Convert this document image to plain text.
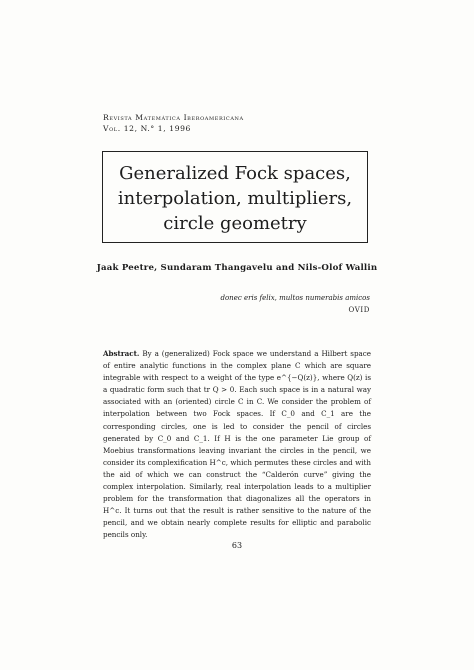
Revista Matemática Iberoamericana
Vol. 12, N.° 1, 1996
Generalized Fock spaces,
interpolation, multipliers,
circle geometry
Jaak Peetre, Sundaram Thangavelu and Nils-Olof Wallin
donec eris felix, multos numerabis amicos
OVID
Abstract. By a (generalized) Fock space we understand a Hilbert space of entire analytic functions in the complex plane C which are square integrable with respect to a weight of the type e^{−Q(z)}, where Q(z) is a quadratic form such that tr Q > 0. Each such space is in a natural way associated with an (oriented) circle C in C. We consider the problem of interpolation between two Fock spaces. If C_0 and C_1 are the corresponding circles, one is led to consider the pencil of circles generated by C_0 and C_1. If H is the one parameter Lie group of Moebius transformations leaving invariant the circles in the pencil, we consider its complexification H^c, which permutes these circles and with the aid of which we can construct the “Calderón curve” giving the complex interpolation. Similarly, real interpolation leads to a multiplier problem for the transformation that diagonalizes all the operators in H^c. It turns out that the result is rather sensitive to the nature of the pencil, and we obtain nearly complete results for elliptic and parabolic pencils only.
63
